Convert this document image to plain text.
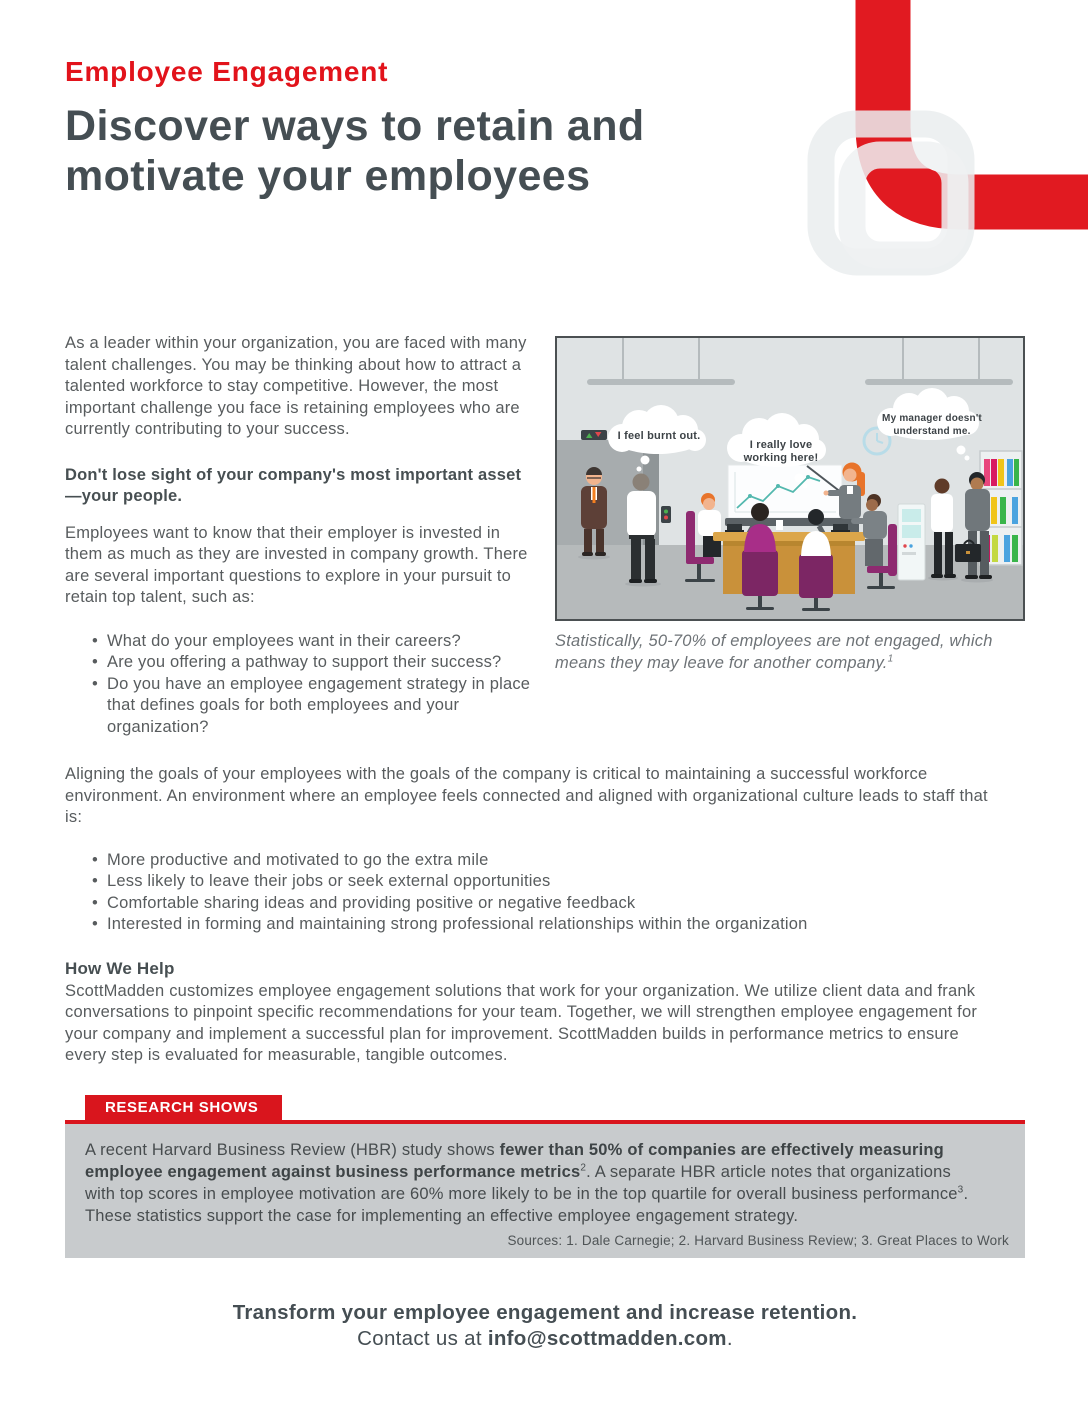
Employee Engagement
Discover ways to retain and
motivate your employees

As a leader within your organization, you are faced with many talent challenges. You may be thinking about how to attract a talented workforce to stay competitive. However, the most important challenge you face is retaining employees who are currently contributing to your success.

Don't lose sight of your company's most important asset—your people.

Employees want to know that their employer is invested in them as much as they are invested in company growth. There are several important questions to explore in your pursuit to retain top talent, such as:

• What do your employees want in their careers?
• Are you offering a pathway to support their success?
• Do you have an employee engagement strategy in place that defines goals for both employees and your organization?
I feel burnt out.
I really love
working here!
My manager doesn't
understand me.

Statistically, 50-70% of employees are not engaged, which means they may leave for another company.$^1$

Aligning the goals of your employees with the goals of the company is critical to maintaining a successful workforce environment. An environment where an employee feels connected and aligned with organizational culture leads to staff that is:

• More productive and motivated to go the extra mile
• Less likely to leave their jobs or seek external opportunities
• Comfortable sharing ideas and providing positive or negative feedback
• Interested in forming and maintaining strong professional relationships within the organization
How We Help

ScottMadden customizes employee engagement solutions that work for your organization. We utilize client data and frank conversations to pinpoint specific recommendations for your team. Together, we will strengthen employee engagement for your company and implement a successful plan for improvement. ScottMadden builds in performance metrics to ensure every step is evaluated for measurable, tangible outcomes.

RESEARCH SHOWS

A recent Harvard Business Review (HBR) study shows fewer than 50% of companies are effectively measuring employee engagement against business performance metrics$^2$. A separate HBR article notes that organizations with top scores in employee motivation are 60% more likely to be in the top quartile for overall business performance$^3$. These statistics support the case for implementing an effective employee engagement strategy.

Sources: 1. Dale Carnegie; 2. Harvard Business Review; 3. Great Places to Work
Transform your employee engagement and increase retention.
Contact us at info@scottmadden.com.
